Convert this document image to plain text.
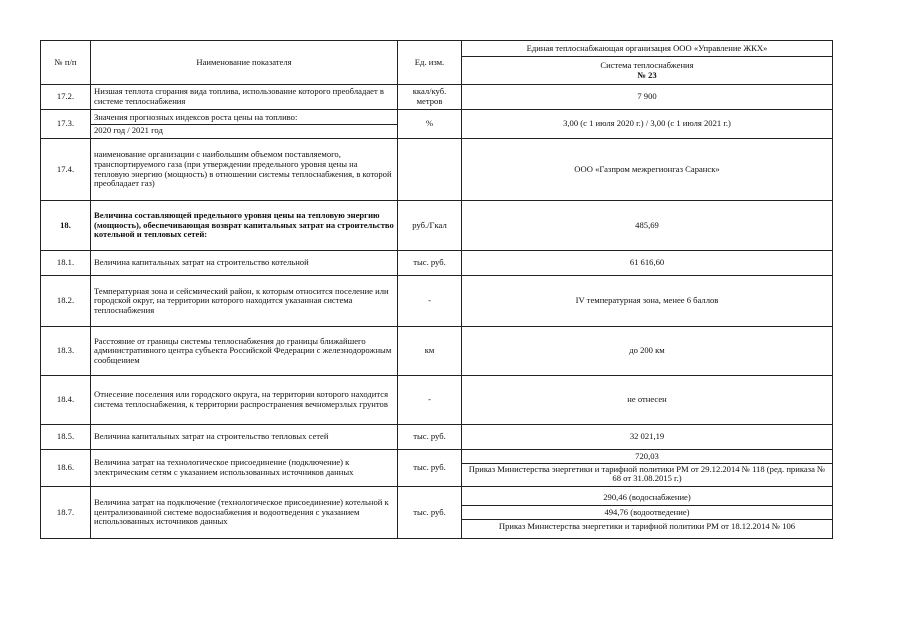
№ п/п	Наименование показателя	Ед. изм.	Единая теплоснабжающая организация ООО «Управление ЖКХ»

			Система теплоснабжения
№ 23

17.2.	Низшая теплота сгорания вида топлива, использование которого преобладает в системе теплоснабжения	ккал/куб. метров	7 900
17.3.	Значения прогнозных индексов роста цены на топливо:
2020 год / 2021 год	%	3,00 (с 1 июля 2020 г.) / 3,00 (с 1 июля 2021 г.)
17.4.	наименование организации с наибольшим объемом поставляемого, транспортируемого газа (при утверждении предельного уровня цены на тепловую энергию (мощность) в отношении системы теплоснабжения, в которой преобладает газ)		ООО «Газпром межрегионгаз Саранск»
18.	Величина составляющей предельного уровня цены на тепловую энергию (мощность), обеспечивающая возврат капитальных затрат на строительство котельной и тепловых сетей:	руб./Гкал	485,69
18.1.	Величина капитальных затрат на строительство котельной	тыс. руб.	61 616,60
18.2.	Температурная зона и сейсмический район, к которым относится поселение или городской округ, на территории которого находится указанная система теплоснабжения	-	IV температурная зона, менее 6 баллов
18.3.	Расстояние от границы системы теплоснабжения до границы ближайшего административного центра субъекта Российской Федерации с железнодорожным сообщением	км	до 200 км
18.4.	Отнесение поселения или городского округа, на территории которого находится система теплоснабжения, к территории распространения вечномерзлых грунтов	-	не отнесен
18.5.	Величина капитальных затрат на строительство тепловых сетей	тыс. руб.	32 021,19
18.6.	Величина затрат на технологическое присоединение (подключение) к электрическим сетям с указанием использованных источников данных	тыс. руб.	720,03
Приказ Министерства энергетики и тарифной политики РМ от 29.12.2014 № 118 (ред. приказа № 68 от 31.08.2015 г.)

18.7.	Величина затрат на подключение (технологическое присоединение) котельной к централизованной системе водоснабжения и водоотведения с указанием использованных источников данных	тыс. руб.	290,46 (водоснабжение)
494,76 (водоотведение)
Приказ Министерства энергетики и тарифной политики РМ от 18.12.2014 № 106
